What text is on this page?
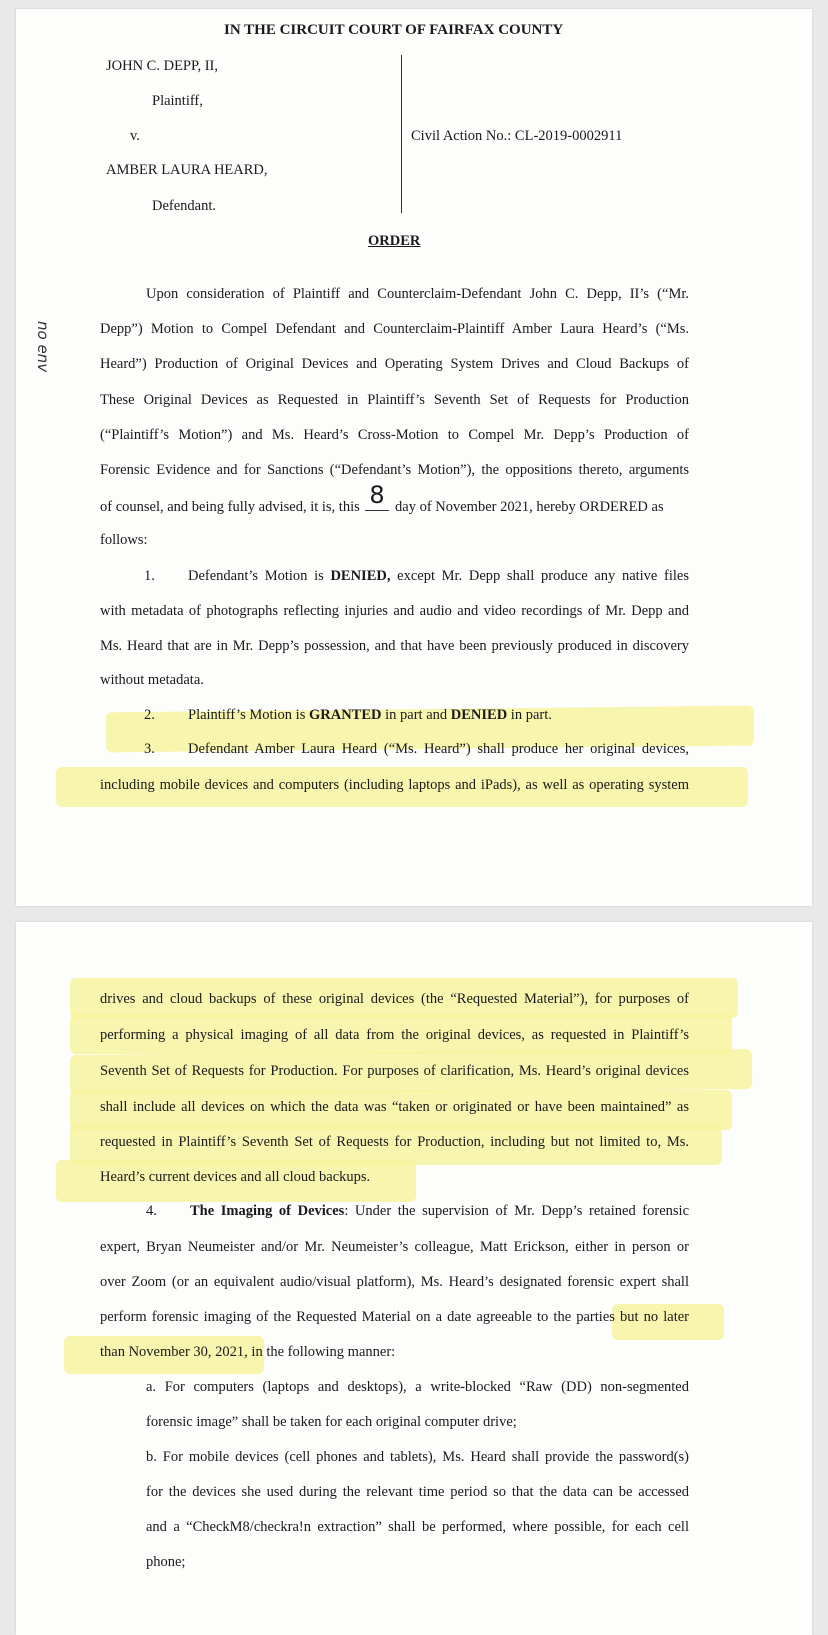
IN THE CIRCUIT COURT OF FAIRFAX COUNTY
JOHN C. DEPP, II,
Plaintiff,
v.
AMBER LAURA HEARD,
Defendant.
Civil Action No.: CL-2019-0002911
ORDER
no env
Upon consideration of Plaintiff and Counterclaim-Defendant John C. Depp, II’s (“Mr.
Depp”) Motion to Compel Defendant and Counterclaim-Plaintiff Amber Laura Heard’s (“Ms.
Heard”) Production of Original Devices and Operating System Drives and Cloud Backups of
These Original Devices as Requested in Plaintiff’s Seventh Set of Requests for Production
(“Plaintiff’s Motion”) and Ms. Heard’s Cross-Motion to Compel Mr. Depp’s Production of
Forensic Evidence and for Sanctions (“Defendant’s Motion”), the oppositions thereto, arguments
of counsel, and being fully advised, it is, this 8 day of November 2021, hereby ORDERED as
follows:
1. Defendant’s Motion is DENIED, except Mr. Depp shall produce any native files
with metadata of photographs reflecting injuries and audio and video recordings of Mr. Depp and
Ms. Heard that are in Mr. Depp’s possession, and that have been previously produced in discovery
without metadata.
2. Plaintiff’s Motion is GRANTED in part and DENIED in part.
3. Defendant Amber Laura Heard (“Ms. Heard”) shall produce her original devices,
including mobile devices and computers (including laptops and iPads), as well as operating system
drives and cloud backups of these original devices (the “Requested Material”), for purposes of
performing a physical imaging of all data from the original devices, as requested in Plaintiff’s
Seventh Set of Requests for Production. For purposes of clarification, Ms. Heard’s original devices
shall include all devices on which the data was “taken or originated or have been maintained” as
requested in Plaintiff’s Seventh Set of Requests for Production, including but not limited to, Ms.
Heard’s current devices and all cloud backups.
4. The Imaging of Devices: Under the supervision of Mr. Depp’s retained forensic
expert, Bryan Neumeister and/or Mr. Neumeister’s colleague, Matt Erickson, either in person or
over Zoom (or an equivalent audio/visual platform), Ms. Heard’s designated forensic expert shall
perform forensic imaging of the Requested Material on a date agreeable to the parties but no later
than November 30, 2021, in the following manner:
a. For computers (laptops and desktops), a write-blocked “Raw (DD) non-segmented
forensic image” shall be taken for each original computer drive;
b. For mobile devices (cell phones and tablets), Ms. Heard shall provide the password(s)
for the devices she used during the relevant time period so that the data can be accessed
and a “CheckM8/checkra!n extraction” shall be performed, where possible, for each cell
phone;
